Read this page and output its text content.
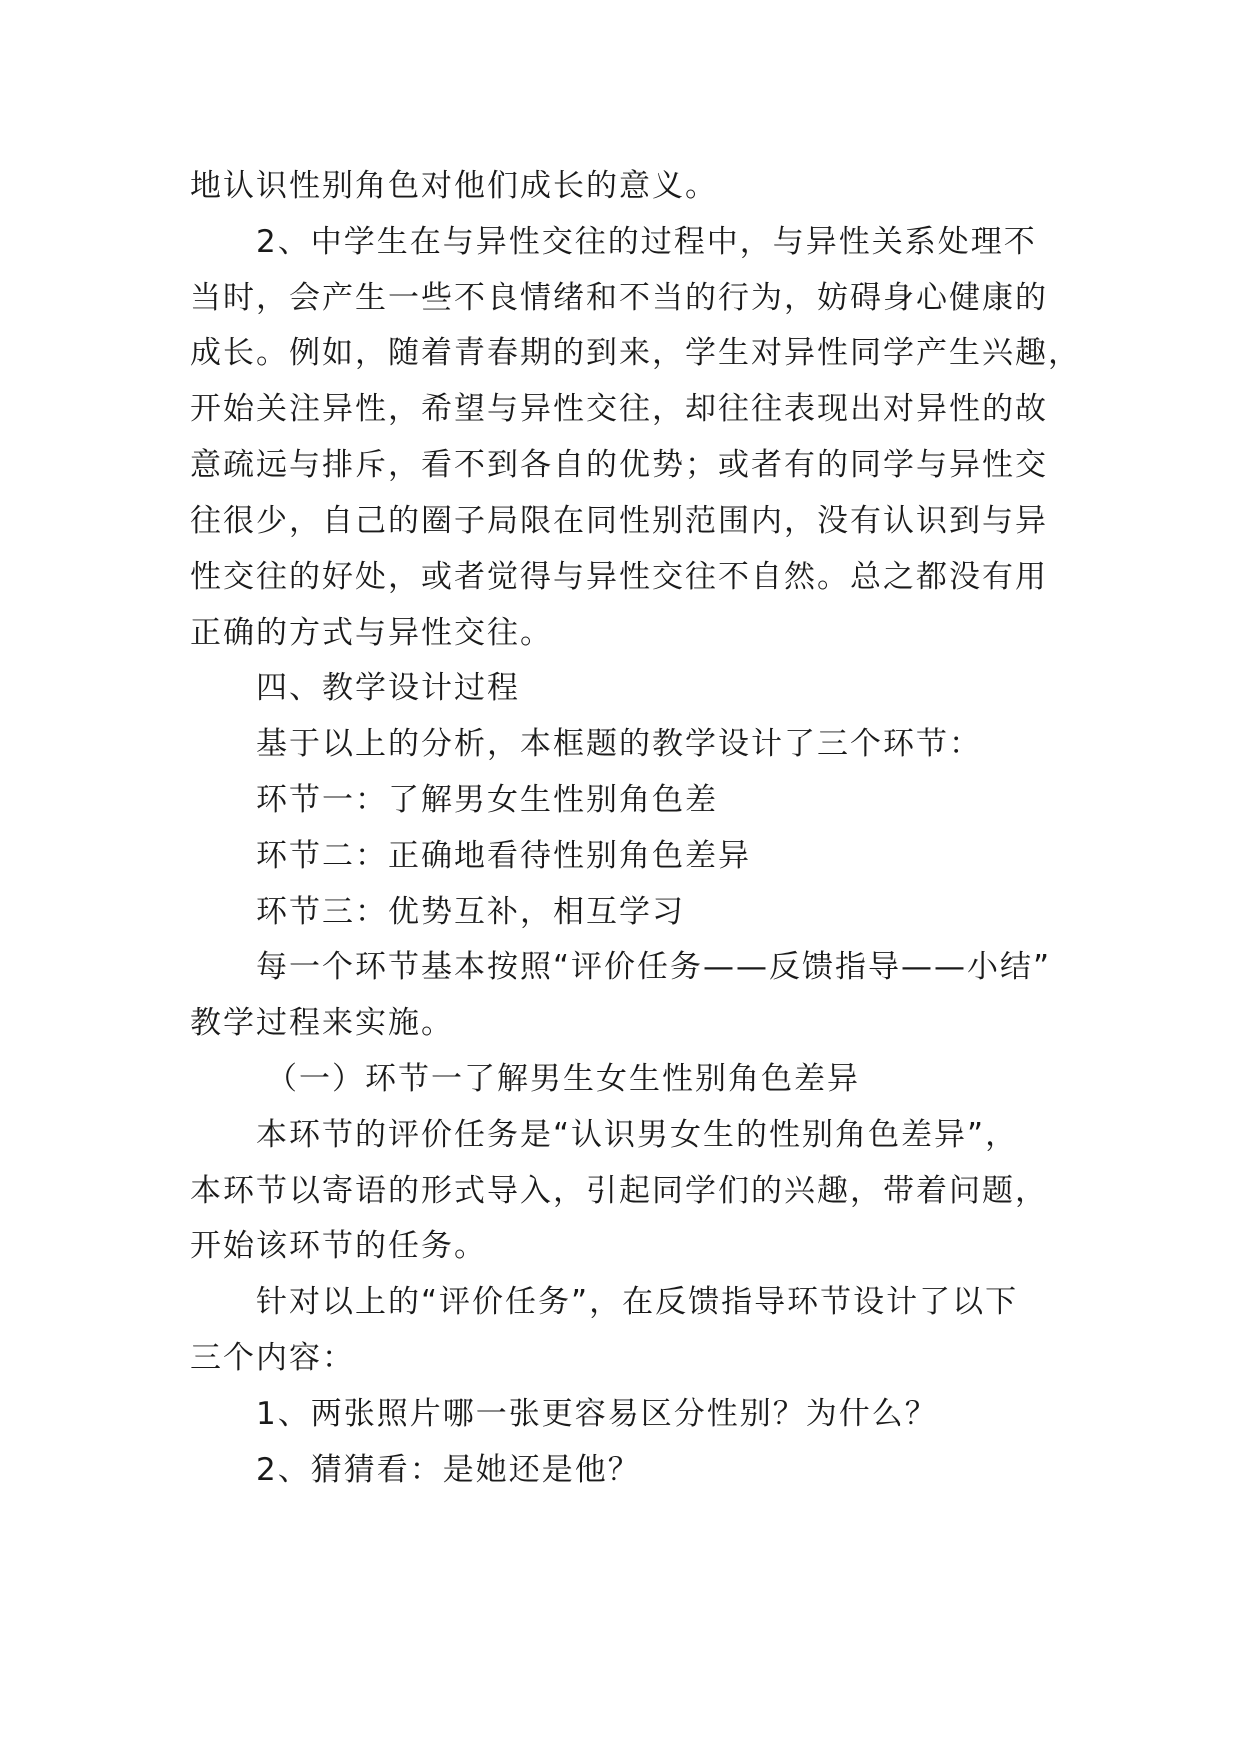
地认识性别角色对他们成长的意义。
2、中学生在与异性交往的过程中，与异性关系处理不
当时，会产生一些不良情绪和不当的行为，妨碍身心健康的
成长。例如，随着青春期的到来，学生对异性同学产生兴趣，
开始关注异性，希望与异性交往，却往往表现出对异性的故
意疏远与排斥，看不到各自的优势；或者有的同学与异性交
往很少，自己的圈子局限在同性别范围内，没有认识到与异
性交往的好处，或者觉得与异性交往不自然。总之都没有用
正确的方式与异性交往。
四、教学设计过程
基于以上的分析，本框题的教学设计了三个环节：
环节一：了解男女生性别角色差
环节二：正确地看待性别角色差异
环节三：优势互补，相互学习
每一个环节基本按照“评价任务——反馈指导——小结”
教学过程来实施。
（一）环节一了解男生女生性别角色差异
本环节的评价任务是“认识男女生的性别角色差异”，
本环节以寄语的形式导入，引起同学们的兴趣，带着问题，
开始该环节的任务。
针对以上的“评价任务”，在反馈指导环节设计了以下
三个内容：
1、两张照片哪一张更容易区分性别？为什么？
2、猜猜看：是她还是他？
